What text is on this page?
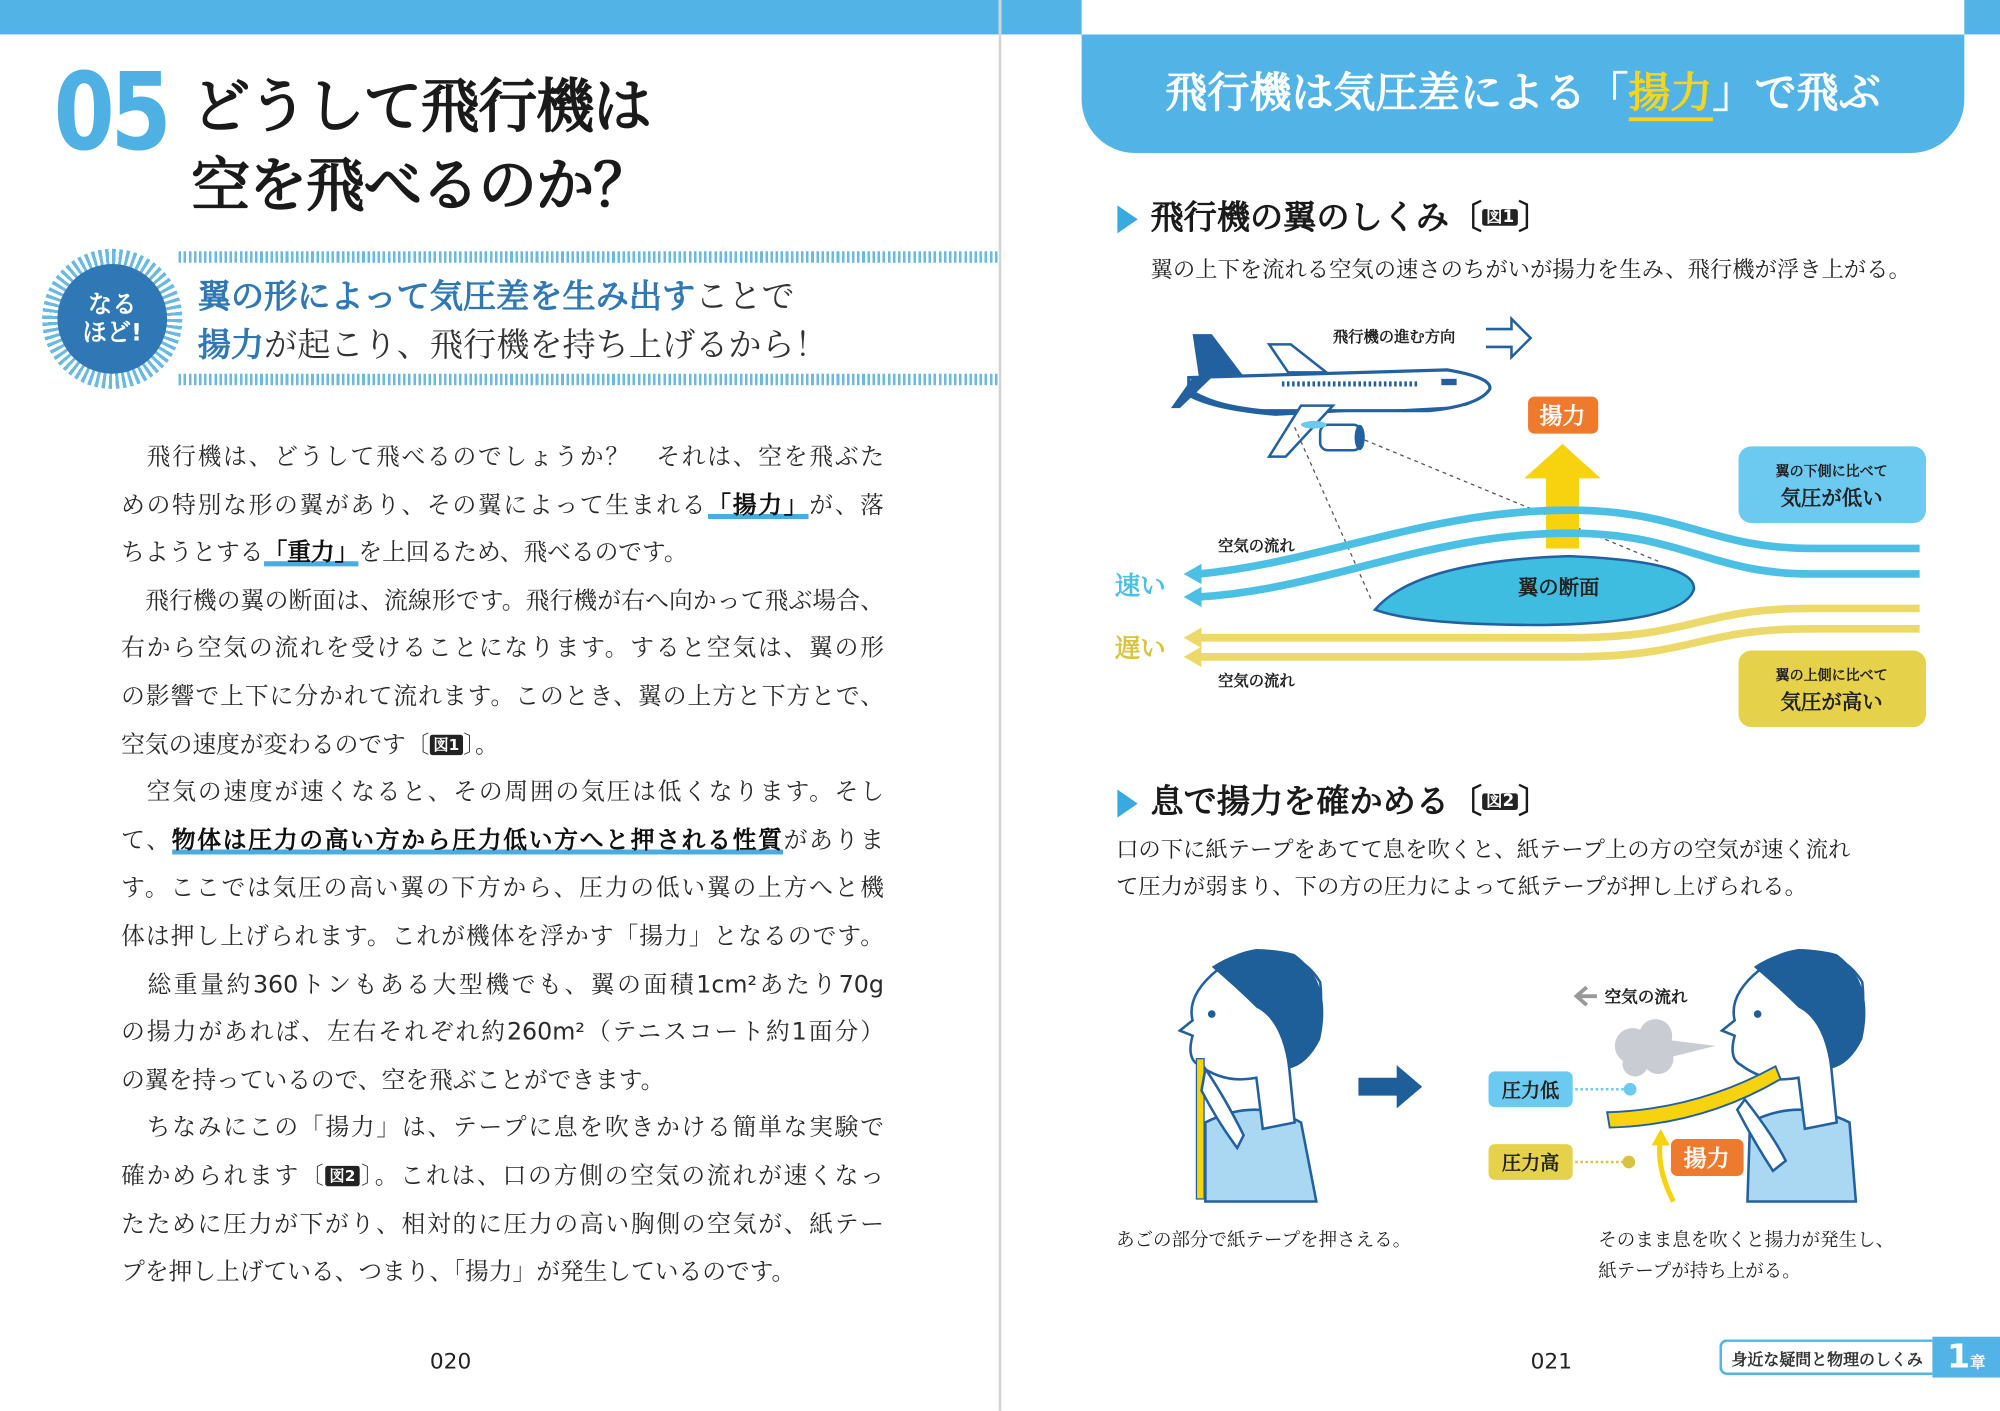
05 どうして飛行機は
空を飛べるのか？
なる
ほど!
翼の形によって気圧差を生み出すことで
揚力が起こり、飛行機を持ち上げるから！
　飛行機は、どうして飛べるのでしょうか？　それは、空を飛ぶた
めの特別な形の翼があり、その翼によって生まれる「揚力」が、落
ちようとする「重力」を上回るため、飛べるのです。
　飛行機の翼の断面は、流線形です。飛行機が右へ向かって飛ぶ場合、
右から空気の流れを受けることになります。すると空気は、翼の形
の影響で上下に分かれて流れます。このとき、翼の上方と下方とで、
空気の速度が変わるのです〔 図1 〕。
　空気の速度が速くなると、その周囲の気圧は低くなります。そし
て、物体は圧力の高い方から圧力低い方へと押される性質がありま
す。ここでは気圧の高い翼の下方から、圧力の低い翼の上方へと機
体は押し上げられます。これが機体を浮かす「揚力」となるのです。
　総重量約360トンもある大型機でも、翼の面積1cm²あたり70g
の揚力があれば、左右それぞれ約260m²（テニスコート約1面分）
の翼を持っているので、空を飛ぶことができます。
　ちなみにこの「揚力」は、テープに息を吹きかける簡単な実験で
確かめられます〔 図2 〕。これは、口の方側の空気の流れが速くなっ
たために圧力が下がり、相対的に圧力の高い胸側の空気が、紙テー
プを押し上げている、つまり、「揚力」が発生しているのです。
020
飛行機は気圧差による「揚力」で飛ぶ
飛行機の翼のしくみ〔 図1 〕
翼の上下を流れる空気の速さのちがいが揚力を生み、飛行機が浮き上がる。
飛行機の進む方向
揚力
翼の断面
空気の流れ
空気の流れ
速い
遅い
翼の下側に比べて
気圧が低い
翼の上側に比べて
気圧が高い
空気の流れ
圧力低
圧力高	揚力
息で揚力を確かめる〔 図2 〕
口の下に紙テープをあてて息を吹くと、紙テープ上の方の空気が速く流れ
て圧力が弱まり、下の方の圧力によって紙テープが押し上げられる。
あごの部分で紙テープを押さえる。	そのまま息を吹くと揚力が発生し、
紙テープが持ち上がる。
021	身近な疑問と物理のしくみ 1章
